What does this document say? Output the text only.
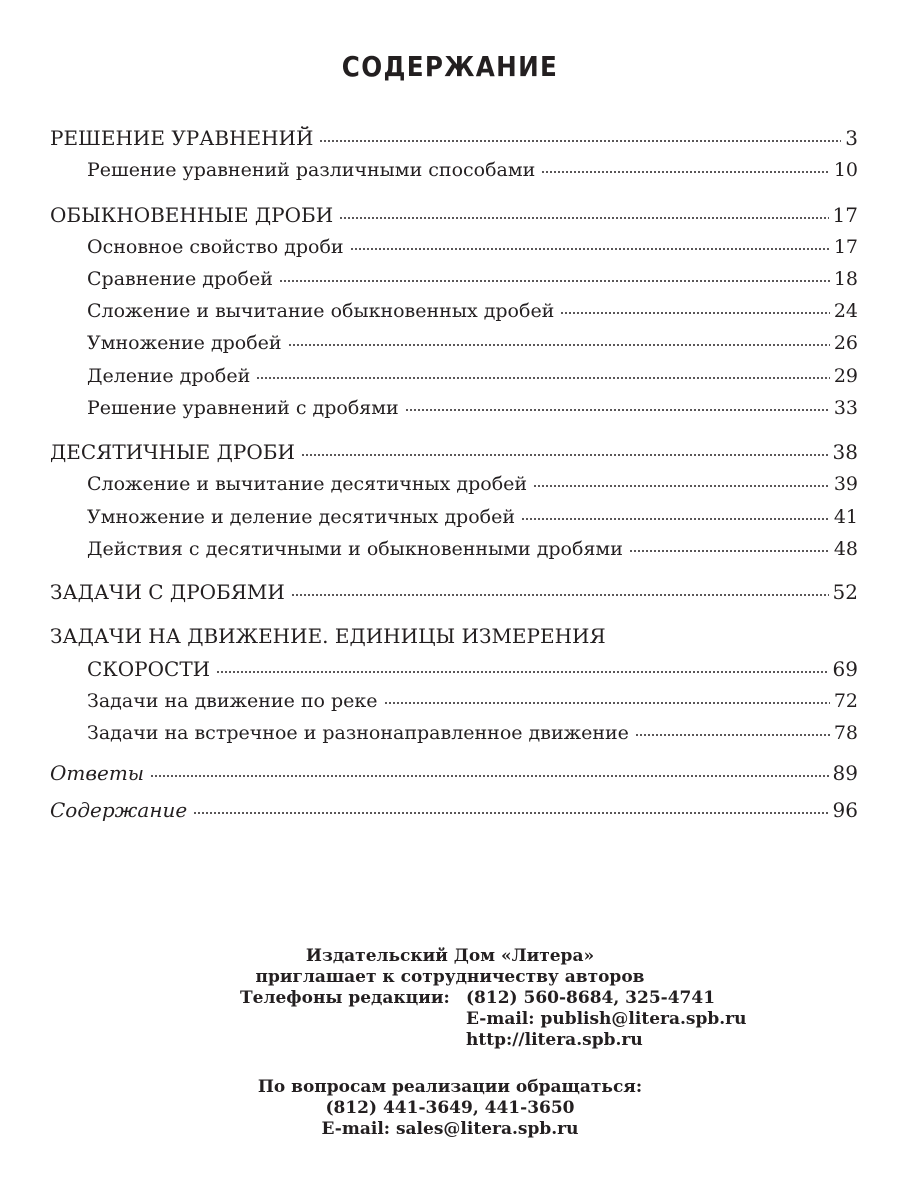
СОДЕРЖАНИЕ
РЕШЕНИЕ УРАВНЕНИЙ	3
Решение уравнений различными способами	10
ОБЫКНОВЕННЫЕ ДРОБИ	17
Основное свойство дроби	17
Сравнение дробей	18
Сложение и вычитание обыкновенных дробей	24
Умножение дробей	26
Деление дробей	29
Решение уравнений с дробями	33
ДЕСЯТИЧНЫЕ ДРОБИ	38
Сложение и вычитание десятичных дробей	39
Умножение и деление десятичных дробей	41
Действия с десятичными и обыкновенными дробями	48
ЗАДАЧИ С ДРОБЯМИ	52
ЗАДАЧИ НА ДВИЖЕНИЕ. ЕДИНИЦЫ ИЗМЕРЕНИЯ
СКОРОСТИ	69
Задачи на движение по реке	72
Задачи на встречное и разнонаправленное движение	78
Ответы	89
Содержание	96
Издательский Дом «Литера»
приглашает к сотрудничеству авторов
Телефоны редакции: (812) 560-8684, 325-4741
E-mail: publish@litera.spb.ru
http://litera.spb.ru
По вопросам реализации обращаться:
(812) 441-3649, 441-3650
E-mail: sales@litera.spb.ru
